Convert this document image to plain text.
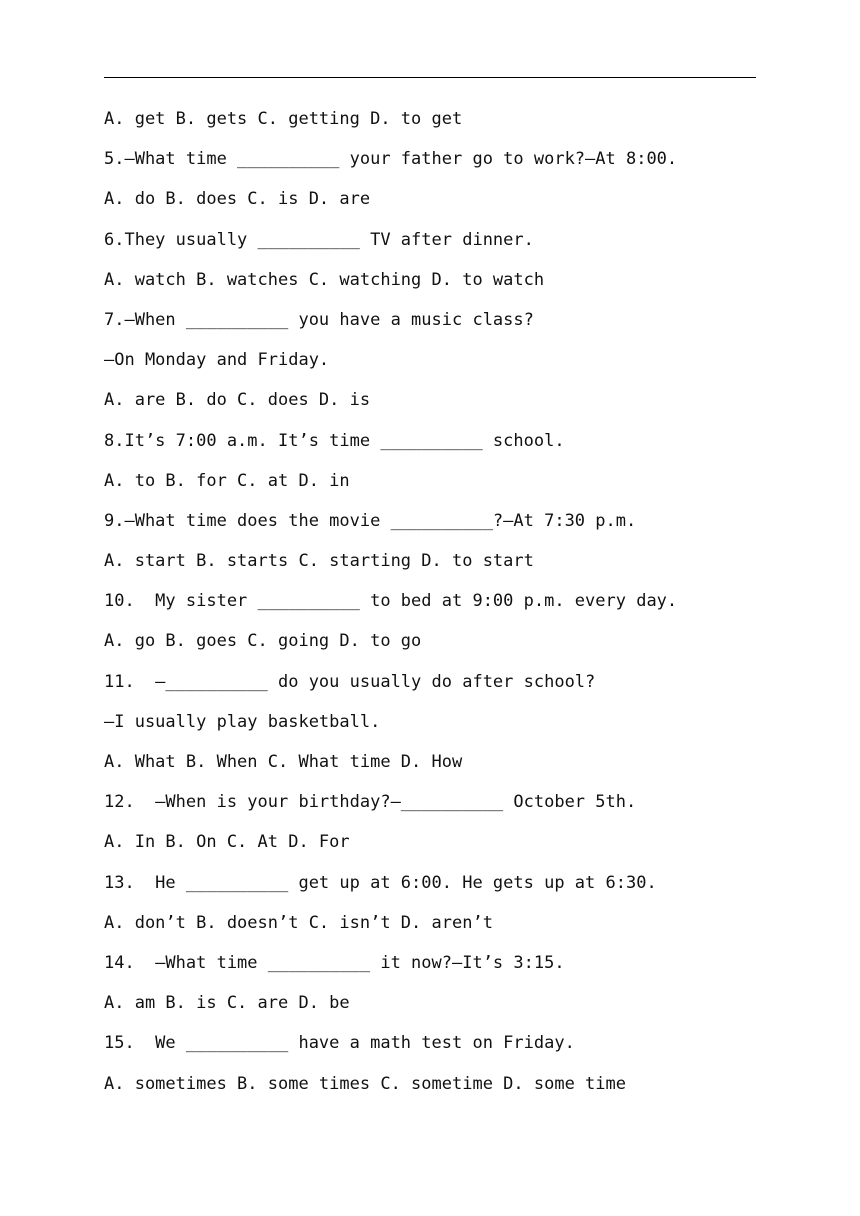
A. get B. gets C. getting D. to get
5.—What time __________ your father go to work?—At 8:00.
A. do B. does C. is D. are
6.They usually __________ TV after dinner.
A. watch B. watches C. watching D. to watch
7.—When __________ you have a music class?
—On Monday and Friday.
A. are B. do C. does D. is
8.It’s 7:00 a.m. It’s time __________ school.
A. to B. for C. at D. in
9.—What time does the movie __________?—At 7:30 p.m.
A. start B. starts C. starting D. to start
10.  My sister __________ to bed at 9:00 p.m. every day.
A. go B. goes C. going D. to go
11.  —__________ do you usually do after school?
—I usually play basketball.
A. What B. When C. What time D. How
12.  —When is your birthday?—__________ October 5th.
A. In B. On C. At D. For
13.  He __________ get up at 6:00. He gets up at 6:30.
A. don’t B. doesn’t C. isn’t D. aren’t
14.  —What time __________ it now?—It’s 3:15.
A. am B. is C. are D. be
15.  We __________ have a math test on Friday.
A. sometimes B. some times C. sometime D. some time
